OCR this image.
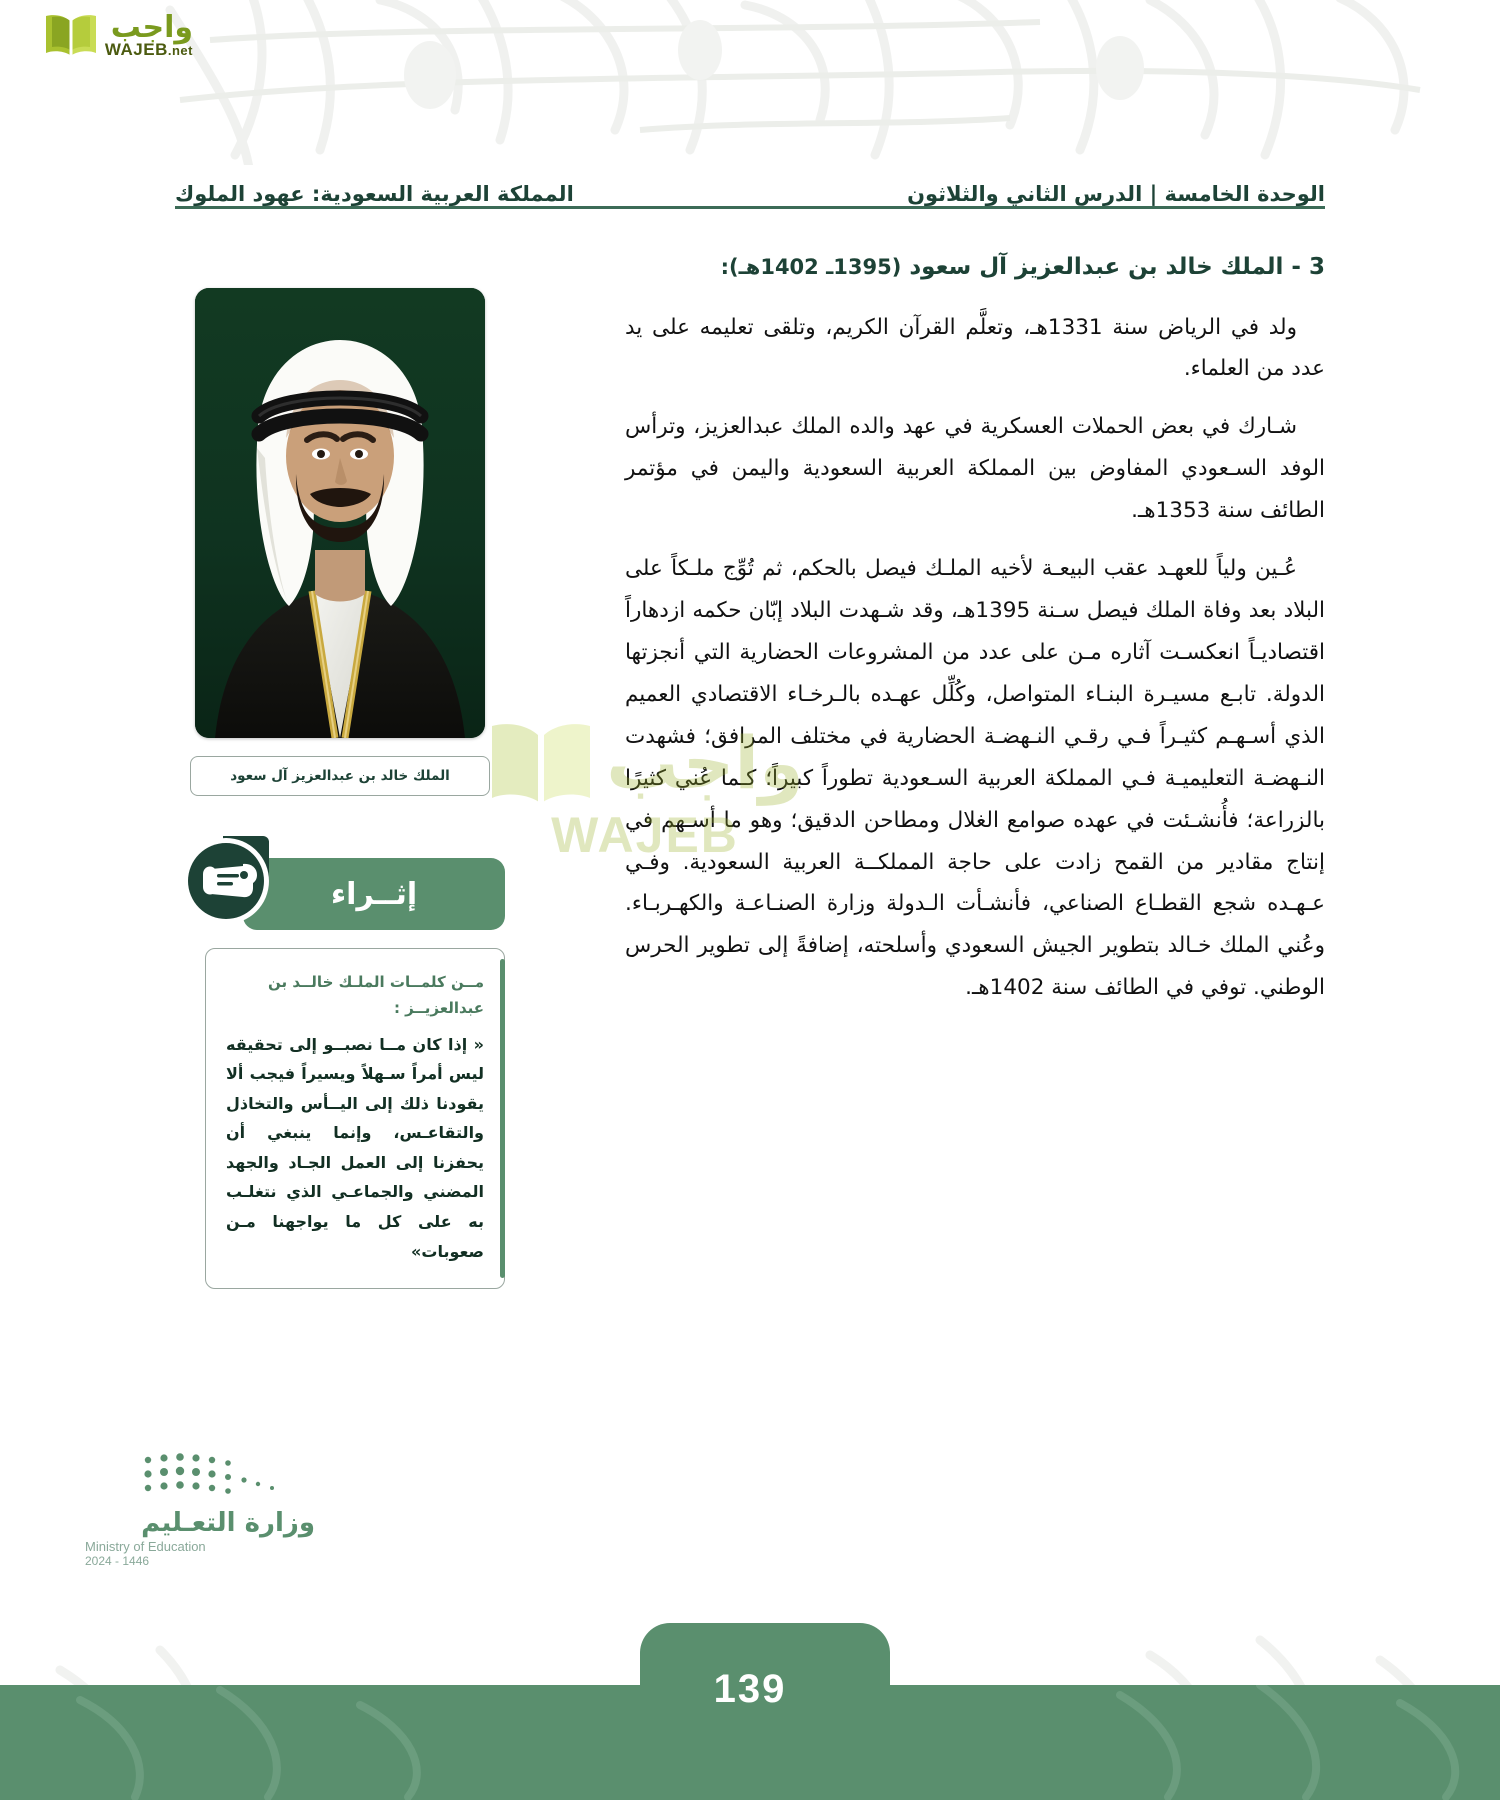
واجب
WAJEB.net
الوحدة الخامسة | الدرس الثاني والثلاثون
المملكة العربية السعودية: عهود الملوك
3 - الملك خالد بن عبدالعزيز آل سعود (1395ـ 1402هـ):

ولد في الرياض سنة 1331هـ، وتعلَّم القرآن الكريم، وتلقى تعليمه على يد عدد من العلماء.

شـارك في بعض الحملات العسكرية في عهد والده الملك عبدالعزيز، وترأس الوفد السـعودي المفاوض بين المملكة العربية السعودية واليمن في مؤتمر الطائف سنة 1353هـ.

عُـين ولياً للعهـد عقب البيعـة لأخيه الملـك فيصل بالحكم، ثم تُوِّج ملـكاً على البلاد بعد وفاة الملك فيصل سـنة 1395هـ، وقد شـهدت البلاد إبّان حكمه ازدهاراً اقتصاديـاً انعكسـت آثاره مـن على عدد من المشروعات الحضارية التي أنجزتها الدولة. تابـع مسيـرة البنـاء المتواصل، وكُلِّل عهـده بالـرخـاء الاقتصادي العميم الذي أسـهـم كثيـراً فـي رقـي النـهضـة الحضارية في مختلف المرافق؛ فشهدت النـهضـة التعليميـة فـي المملكة العربية السـعودية تطوراً كبيراً؛ كـما عُني كثيرًا بالزراعة؛ فأُنشـئت في عهده صوامع الغلال ومطاحن الدقيق؛ وهو ما أسـهم في إنتاج مقادير من القمح زادت على حاجة المملكــة العربية السعودية. وفـي عـهـده شجع القطـاع الصناعي، فأنشـأت الـدولة وزارة الصنـاعـة والكهـربـاء. وعُني الملك خـالد بتطوير الجيش السعودي وأسلحته، إضافةً إلى تطوير الحرس الوطني. توفي في الطائف سنة 1402هـ.

الملك خالد بن عبدالعزيز آل سعود
إثــراء
مــن كلمــات الملـك خالــد بن عبدالعزيــز :
« إذا كان مــا نصبــو إلى تحقيقه ليس أمراً سـهلاً ويسيراً فيجب ألا يقودنا ذلك إلى اليــأس والتخاذل والتقاعـس، وإنما ينبغي أن يحفزنا إلى العمل الجـاد والجهد المضني والجماعـي الذي نتغلـب به على كل ما يواجهنا مـن صعوبات»
واجب
WAJEB
وزارة التعـليم
Ministry of Education
2024 - 1446
139
